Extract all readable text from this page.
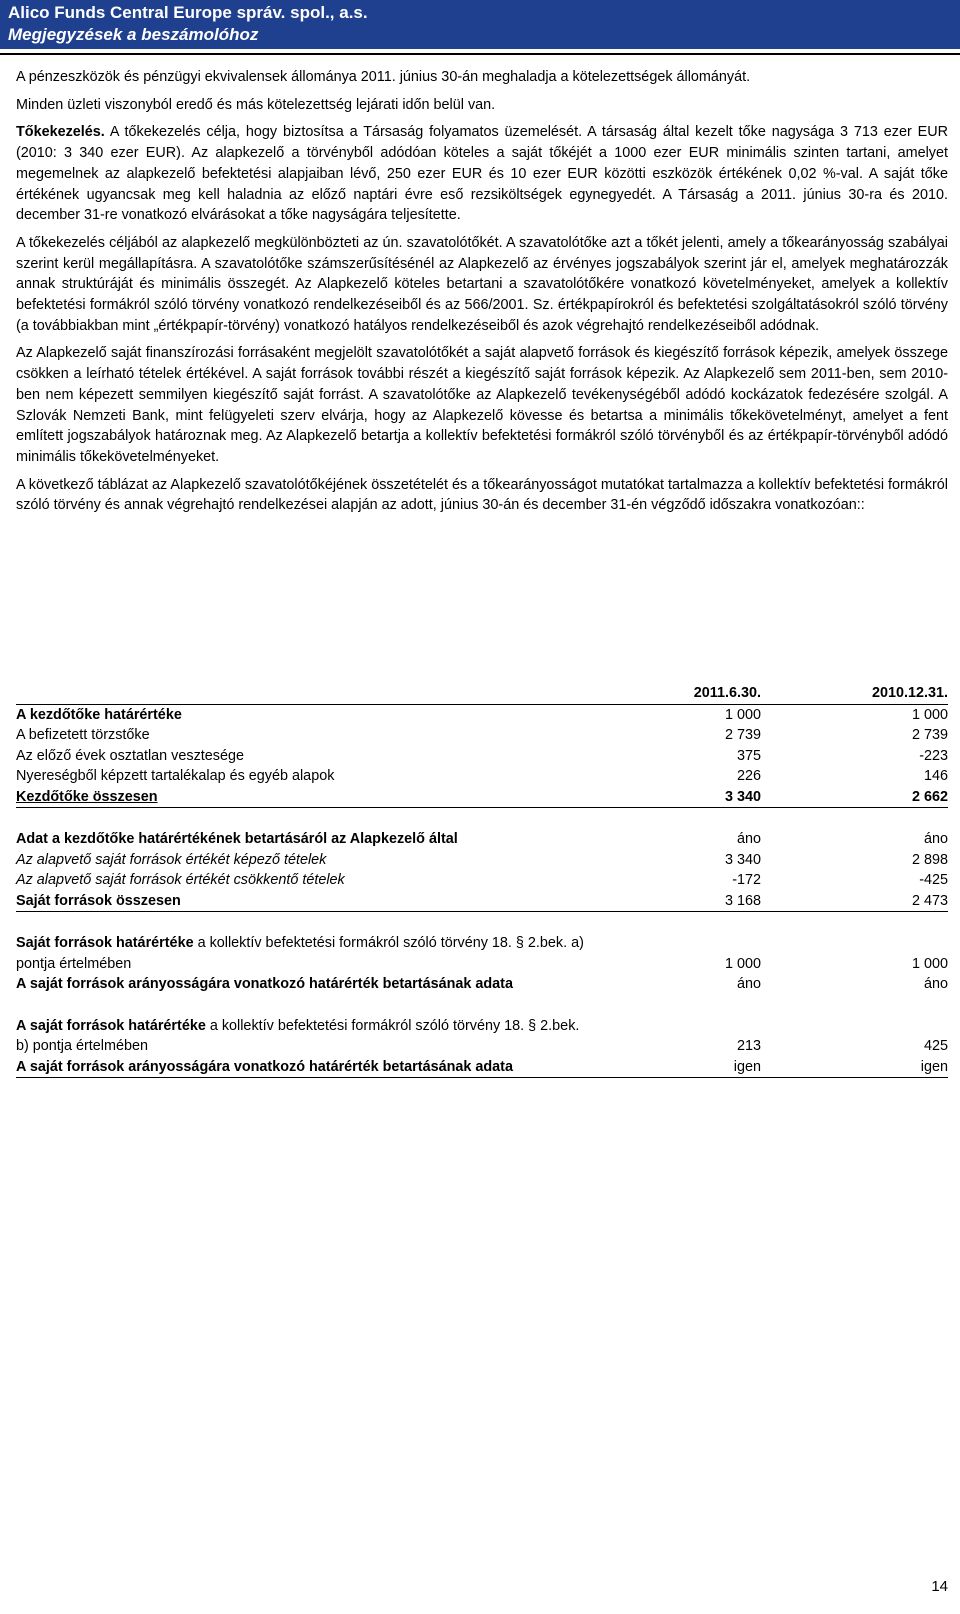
Alico Funds Central Europe správ. spol., a.s.
Megjegyzések a beszámolóhoz

A pénzeszközök és pénzügyi ekvivalensek állománya 2011. június 30-án meghaladja a kötelezettségek állományát.

Minden üzleti viszonyból eredő és más kötelezettség lejárati időn belül van.

Tőkekezelés. A tőkekezelés célja, hogy biztosítsa a Társaság folyamatos üzemelését. A társaság által kezelt tőke nagysága 3 713 ezer EUR (2010: 3 340 ezer EUR). Az alapkezelő a törvényből adódóan köteles a saját tőkéjét a 1000 ezer EUR minimális szinten tartani, amelyet megemelnek az alapkezelő befektetési alapjaiban lévő, 250 ezer EUR és 10 ezer EUR közötti eszközök értékének 0,02 %-val. A saját tőke értékének ugyancsak meg kell haladnia az előző naptári évre eső rezsiköltségek egynegyedét. A Társaság a 2011. június 30-ra és 2010. december 31-re vonatkozó elvárásokat a tőke nagyságára teljesítette.

A tőkekezelés céljából az alapkezelő megkülönbözteti az ún. szavatolótőkét. A szavatolótőke azt a tőkét jelenti, amely a tőkearányosság szabályai szerint kerül megállapításra. A szavatolótőke számszerűsítésénél az Alapkezelő az érvényes jogszabályok szerint jár el, amelyek meghatározzák annak struktúráját és minimális összegét. Az Alapkezelő köteles betartani a szavatolótőkére vonatkozó követelményeket, amelyek a kollektív befektetési formákról szóló törvény vonatkozó rendelkezéseiből és az 566/2001. Sz. értékpapírokról és befektetési szolgáltatásokról szóló törvény (a továbbiakban mint „értékpapír-törvény) vonatkozó hatályos rendelkezéseiből és azok végrehajtó rendelkezéseiből adódnak.

Az Alapkezelő saját finanszírozási forrásaként megjelölt szavatolótőkét a saját alapvető források és kiegészítő források képezik, amelyek összege csökken a leírható tételek értékével. A saját források további részét a kiegészítő saját források képezik. Az Alapkezelő sem 2011-ben, sem 2010-ben nem képezett semmilyen kiegészítő saját forrást. A szavatolótőke az Alapkezelő tevékenységéből adódó kockázatok fedezésére szolgál. A Szlovák Nemzeti Bank, mint felügyeleti szerv elvárja, hogy az Alapkezelő kövesse és betartsa a minimális tőkekövetelményt, amelyet a fent említett jogszabályok határoznak meg. Az Alapkezelő betartja a kollektív befektetési formákról szóló törvényből és az értékpapír-törvényből adódó minimális tőkekövetelményeket.

A következő táblázat az Alapkezelő szavatolótőkéjének összetételét és a tőkearányosságot mutatókat tartalmazza a kollektív befektetési formákról szóló törvény és annak végrehajtó rendelkezései alapján az adott, június 30-án és december 31-én végződő időszakra vonatkozóan::

	2011.6.30.	2010.12.31.
A kezdőtőke határértéke	1 000	1 000
A befizetett törzstőke	2 739	2 739
Az előző évek osztatlan vesztesége	375	-223
Nyereségből képzett tartalékalap és egyéb alapok	226	146
Kezdőtőke összesen	3 340	2 662

Adat a kezdőtőke határértékének betartásáról az Alapkezelő által	áno	áno
Az alapvető saját források értékét képező tételek	3 340	2 898
Az alapvető saját források értékét csökkentő tételek	-172	-425
Saját források összesen	3 168	2 473

Saját források határértéke a kollektív befektetési formákról szóló törvény 18. § 2.bek. a) pontja értelmében	1 000	1 000
A saját források arányosságára vonatkozó határérték betartásának adata	áno	áno

A saját források határértéke a kollektív befektetési formákról szóló törvény 18. § 2.bek. b) pontja értelmében	213	425
A saját források arányosságára vonatkozó határérték betartásának adata	igen	igen
14
